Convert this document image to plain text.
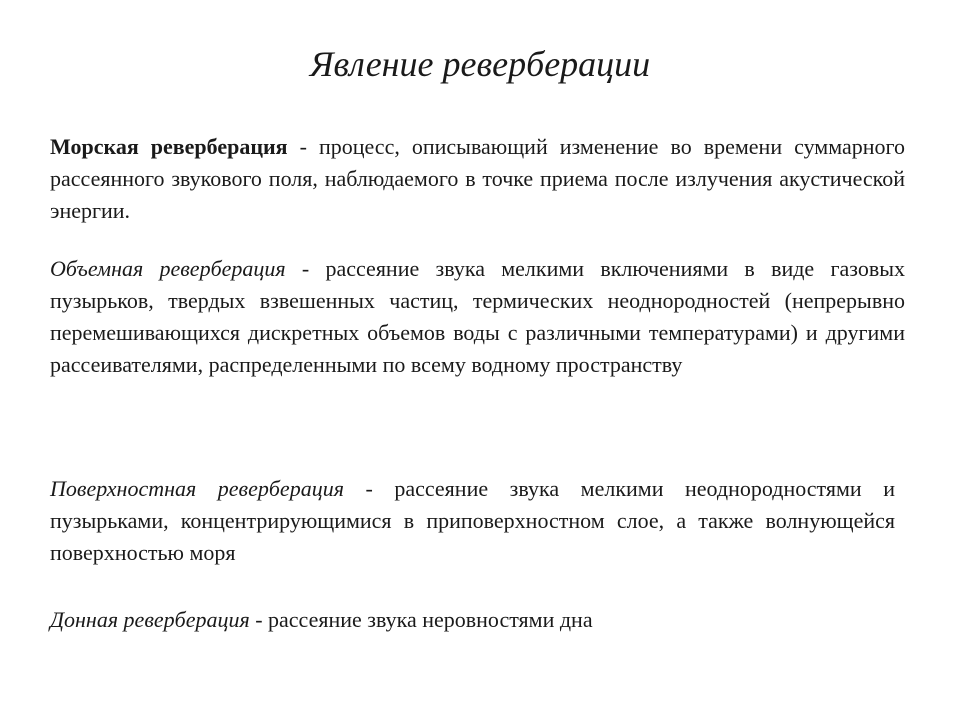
Явление реверберации

Морская реверберация - процесс, описывающий изменение во времени суммарного рассеянного звукового поля, наблюдаемого в точке приема после излучения акустической энергии.

Объемная реверберация - рассеяние звука мелкими включениями в виде газовых пузырьков, твердых взвешенных частиц, термических неоднородностей (непрерывно перемешивающихся дискретных объемов воды с различными температурами) и другими рассеивателями, распределенными по всему водному пространству

Поверхностная реверберация - рассеяние звука мелкими неоднородностями и пузырьками, концентрирующимися в приповерхностном слое, а также волнующейся поверхностью моря

Донная реверберация - рассеяние звука неровностями дна
